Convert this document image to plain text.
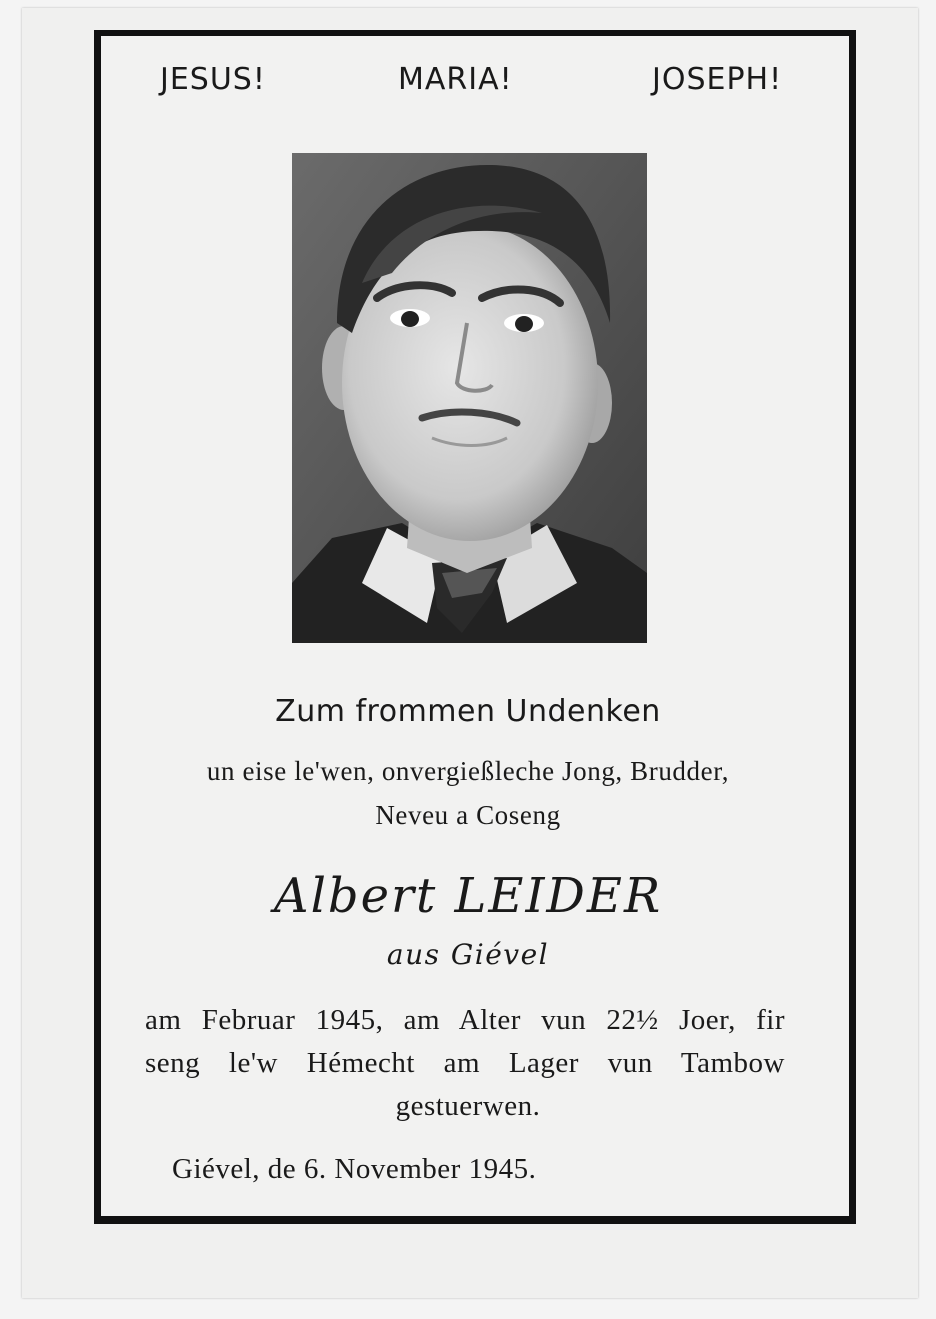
JESUS!	MARIA!	JOSEPH!
Zum frommen Undenken
un eise le'wen, onvergießleche Jong, Brudder,
Neveu a Coseng
Albert LEIDER
aus Giével
am Februar 1945, am Alter vun 22½ Joer, fir
seng le'w Hémecht am Lager vun Tambow
gestuerwen.
Giével, de 6. November 1945.
